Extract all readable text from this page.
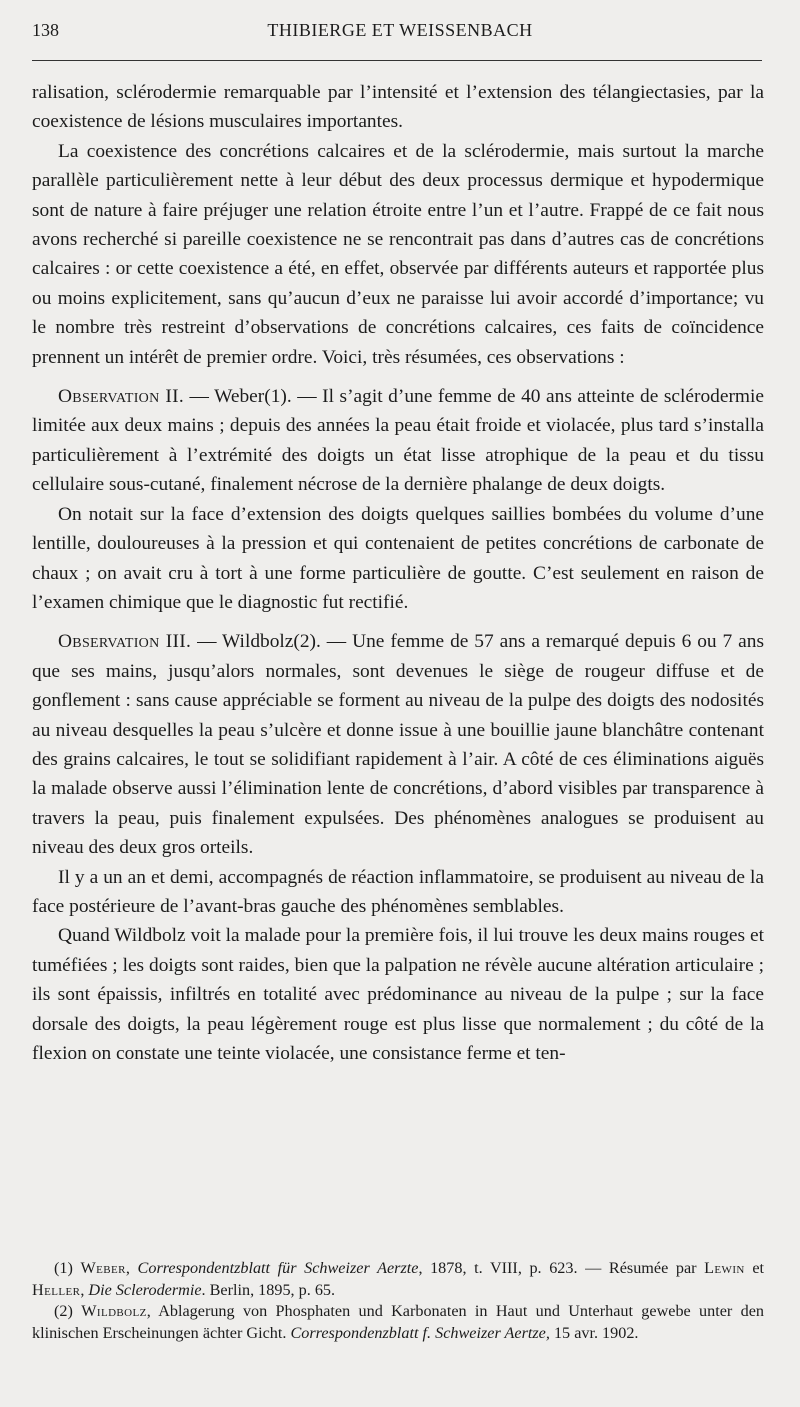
138	THIBIERGE ET WEISSENBACH

ralisation, sclérodermie remarquable par l’intensité et l’extension des télangiectasies, par la coexistence de lésions musculaires importantes.

La coexistence des concrétions calcaires et de la sclérodermie, mais surtout la marche parallèle particulièrement nette à leur début des deux processus dermique et hypodermique sont de nature à faire préjuger une relation étroite entre l’un et l’autre. Frappé de ce fait nous avons recherché si pareille coexistence ne se rencontrait pas dans d’autres cas de concrétions calcaires : or cette coexistence a été, en effet, observée par différents auteurs et rapportée plus ou moins explicitement, sans qu’aucun d’eux ne paraisse lui avoir accordé d’importance; vu le nombre très restreint d’observations de concrétions calcaires, ces faits de coïncidence prennent un intérêt de premier ordre. Voici, très résumées, ces observations :

Observation II. — Weber(1). — Il s’agit d’une femme de 40 ans atteinte de sclérodermie limitée aux deux mains ; depuis des années la peau était froide et violacée, plus tard s’installa particulièrement à l’extrémité des doigts un état lisse atrophique de la peau et du tissu cellulaire sous-cutané, finalement nécrose de la dernière phalange de deux doigts.

On notait sur la face d’extension des doigts quelques saillies bombées du volume d’une lentille, douloureuses à la pression et qui contenaient de petites concrétions de carbonate de chaux ; on avait cru à tort à une forme particulière de goutte. C’est seulement en raison de l’examen chimique que le diagnostic fut rectifié.

Observation III. — Wildbolz(2). — Une femme de 57 ans a remarqué depuis 6 ou 7 ans que ses mains, jusqu’alors normales, sont devenues le siège de rougeur diffuse et de gonflement : sans cause appréciable se forment au niveau de la pulpe des doigts des nodosités au niveau desquelles la peau s’ulcère et donne issue à une bouillie jaune blanchâtre contenant des grains calcaires, le tout se solidifiant rapidement à l’air. A côté de ces éliminations aiguës la malade observe aussi l’élimination lente de concrétions, d’abord visibles par transparence à travers la peau, puis finalement expulsées. Des phénomènes analogues se produisent au niveau des deux gros orteils.

Il y a un an et demi, accompagnés de réaction inflammatoire, se produisent au niveau de la face postérieure de l’avant-bras gauche des phénomènes semblables.

Quand Wildbolz voit la malade pour la première fois, il lui trouve les deux mains rouges et tuméfiées ; les doigts sont raides, bien que la palpation ne révèle aucune altération articulaire ; ils sont épaissis, infiltrés en totalité avec prédominance au niveau de la pulpe ; sur la face dorsale des doigts, la peau légèrement rouge est plus lisse que normalement ; du côté de la flexion on constate une teinte violacée, une consistance ferme et ten-

(1) Weber, Correspondentzblatt für Schweizer Aerzte, 1878, t. VIII, p. 623. — Résumée par Lewin et Heller, Die Sclerodermie. Berlin, 1895, p. 65.

(2) Wildbolz, Ablagerung von Phosphaten und Karbonaten in Haut und Unterhaut gewebe unter den klinischen Erscheinungen ächter Gicht. Correspondenzblatt f. Schweizer Aertze, 15 avr. 1902.
